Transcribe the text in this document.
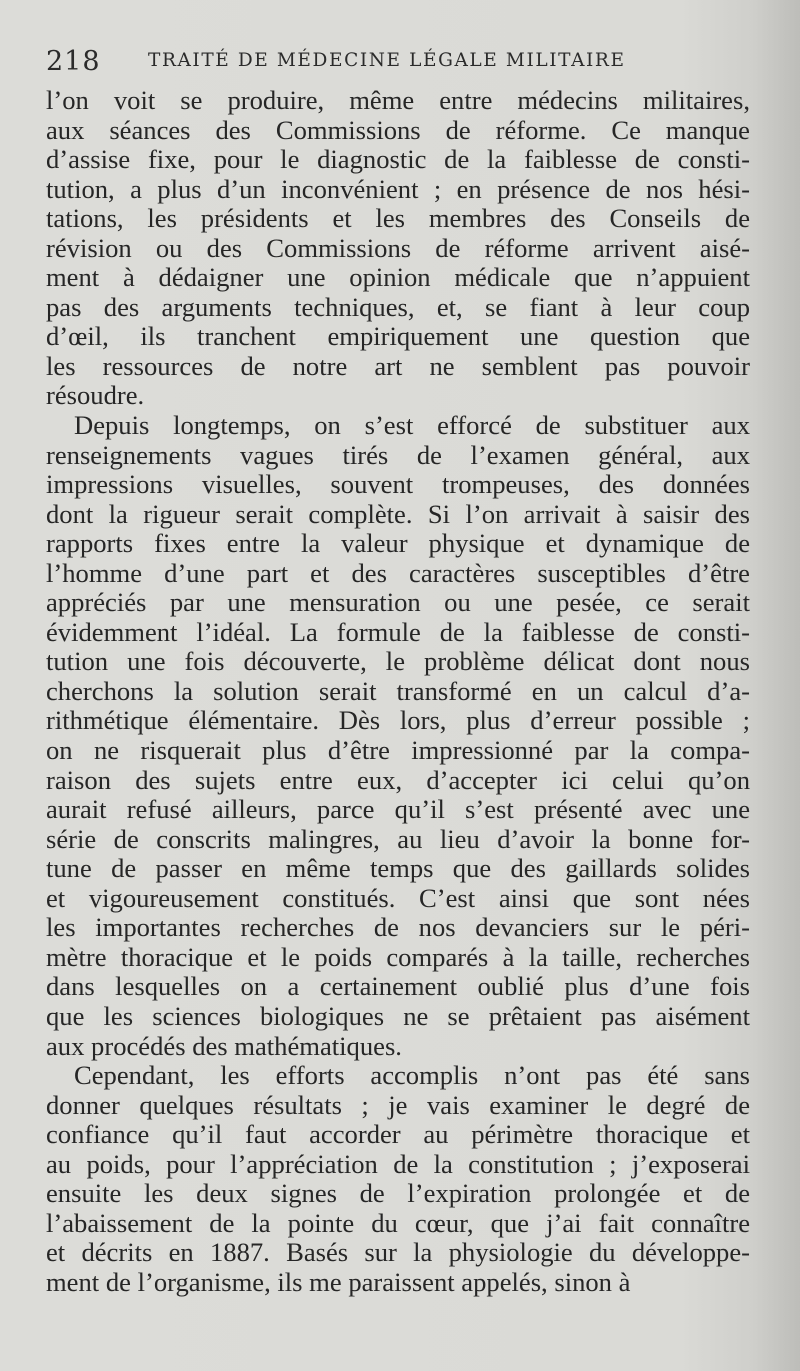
218	TRAITÉ DE MÉDECINE LÉGALE MILITAIRE
l’on voit se produire, même entre médecins militaires,
aux séances des Commissions de réforme. Ce manque
d’assise fixe, pour le diagnostic de la faiblesse de consti-
tution, a plus d’un inconvénient ; en présence de nos hési-
tations, les présidents et les membres des Conseils de
révision ou des Commissions de réforme arrivent aisé-
ment à dédaigner une opinion médicale que n’appuient
pas des arguments techniques, et, se fiant à leur coup
d’œil, ils tranchent empiriquement une question que
les ressources de notre art ne semblent pas pouvoir
résoudre.
Depuis longtemps, on s’est efforcé de substituer aux
renseignements vagues tirés de l’examen général, aux
impressions visuelles, souvent trompeuses, des données
dont la rigueur serait complète. Si l’on arrivait à saisir des
rapports fixes entre la valeur physique et dynamique de
l’homme d’une part et des caractères susceptibles d’être
appréciés par une mensuration ou une pesée, ce serait
évidemment l’idéal. La formule de la faiblesse de consti-
tution une fois découverte, le problème délicat dont nous
cherchons la solution serait transformé en un calcul d’a-
rithmétique élémentaire. Dès lors, plus d’erreur possible ;
on ne risquerait plus d’être impressionné par la compa-
raison des sujets entre eux, d’accepter ici celui qu’on
aurait refusé ailleurs, parce qu’il s’est présenté avec une
série de conscrits malingres, au lieu d’avoir la bonne for-
tune de passer en même temps que des gaillards solides
et vigoureusement constitués. C’est ainsi que sont nées
les importantes recherches de nos devanciers sur le péri-
mètre thoracique et le poids comparés à la taille, recherches
dans lesquelles on a certainement oublié plus d’une fois
que les sciences biologiques ne se prêtaient pas aisément
aux procédés des mathématiques.
Cependant, les efforts accomplis n’ont pas été sans
donner quelques résultats ; je vais examiner le degré de
confiance qu’il faut accorder au périmètre thoracique et
au poids, pour l’appréciation de la constitution ; j’exposerai
ensuite les deux signes de l’expiration prolongée et de
l’abaissement de la pointe du cœur, que j’ai fait connaître
et décrits en 1887. Basés sur la physiologie du développe-
ment de l’organisme, ils me paraissent appelés, sinon à
